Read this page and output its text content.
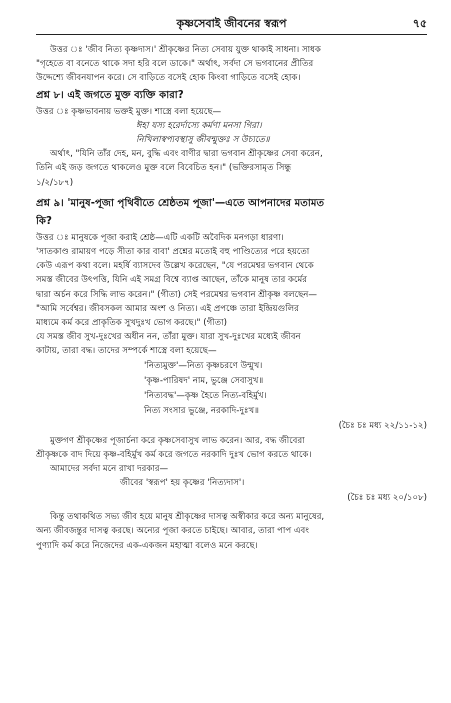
কৃষ্ণসেবাই জীবনের স্বরূপ	৭৫

উত্তর ঃ 'জীব নিত্য কৃষ্ণদাস।' শ্রীকৃষ্ণের নিত্য সেবায় যুক্ত থাকাই সাধনা। সাধক

"গৃহেতে বা বনেতে থাকে সদা হরি বলে ডাকে।" অর্থাৎ, সর্বদা সে ভগবানের প্রীতির

উদ্দেশ্যে জীবনযাপন করে। সে বাড়িতে বসেই হোক কিংবা গাড়িতে বসেই হোক।

প্রশ্ন ৮। এই জগতে মুক্ত ব্যক্তি কারা?

উত্তর ঃ কৃষ্ণভাবনায় ভক্তই মুক্ত। শাস্ত্রে বলা হয়েছে—

ঈহা যস্য হরের্দাস্যে কর্মণা মনসা গিরা।
নিখিলাস্বপ্যবস্থাসু জীবন্মুক্তঃ স উচ্যতে॥

অর্থাৎ, "যিনি তাঁর দেহ, মন, বুদ্ধি এবং বাণীর দ্বারা ভগবান শ্রীকৃষ্ণের সেবা করেন,

তিনি এই জড় জগতে থাকলেও মুক্ত বলে বিবেচিত হন।" (ভক্তিরসামৃত সিন্ধু

১/২/১৮৭)

প্রশ্ন ৯। 'মানুষ-পূজা পৃথিবীতে শ্রেষ্ঠতম পূজা'—এতে আপনাদের মতামত
কি?

উত্তর ঃ মানুষকে পূজা করাই শ্রেষ্ঠ—এটি একটি অবৈদিক মনগড়া ধারণা।

'সাতকাণ্ড রামায়ণ পড়ে সীতা কার বাবা' প্রশ্নের মতোই বহু পাণ্ডিত্যের পরে হয়তো

কেউ এরূপ কথা বলে। মহর্ষি ব্যাসদেব উল্লেখ করেছেন, "যে পরমেশ্বর ভগবান থেকে

সমস্ত জীবের উৎপত্তি, যিনি এই সমগ্র বিশ্বে ব্যাপ্ত আছেন, তাঁকে মানুষ তার কর্মের

দ্বারা অর্চন করে সিদ্ধি লাভ করেন।" (গীতা) সেই পরমেশ্বর ভগবান শ্রীকৃষ্ণ বলছেন—

"আমি সর্বেশ্বর। জীবসকল আমার অংশ ও নিত্য। এই প্রপঞ্চে তারা ইন্দ্রিয়গুলির

মাধ্যমে কর্ম করে প্রাকৃতিক সুখদুঃখ ভোগ করছে।" (গীতা)

যে সমস্ত জীব সুখ-দুঃখের অধীন নন, তাঁরা মুক্ত। যারা সুখ-দুঃখের মধ্যেই জীবন

কাটায়, তারা বদ্ধ। তাদের সম্পর্কে শাস্ত্রে বলা হয়েছে—

'নিত্যমুক্ত'—নিত্য কৃষ্ণচরণে উন্মুখ।
'কৃষ্ণ-পারিষদ' নাম, ভুঞ্জে সেবাসুখ॥
'নিত্যবদ্ধ'—কৃষ্ণ হৈতে নিত্য-বহির্মুখ।
নিত্য সংসার ভুঞ্জে, নরকাদি-দুঃখ॥
(চৈঃ চঃ মধ্য ২২/১১-১২)

মুক্তগণ শ্রীকৃষ্ণের পূজার্চনা করে কৃষ্ণসেবাসুখ লাভ করেন। আর, বদ্ধ জীবেরা

শ্রীকৃষ্ণকে বাদ দিয়ে কৃষ্ণ-বহির্মুখ কর্ম করে জগতে নরকাদি দুঃখ ভোগ করতে থাকে।

আমাদের সর্বদা মনে রাখা দরকার—

জীবের 'স্বরূপ' হয় কৃষ্ণের 'নিত্যদাস'।
(চৈঃ চঃ মধ্য ২০/১০৮)

কিন্তু তথাকথিত সভ্য জীব হয়ে মানুষ শ্রীকৃষ্ণের দাসত্ব অস্বীকার করে অন্য মানুষের,

অন্য জীবজন্তুর দাসত্ব করছে। অন্যের পূজা করতে চাইছে। আবার, তারা পাপ এবং

পুণ্যাদি কর্ম করে নিজেদের এক-একজন মহাত্মা বলেও মনে করছে।
